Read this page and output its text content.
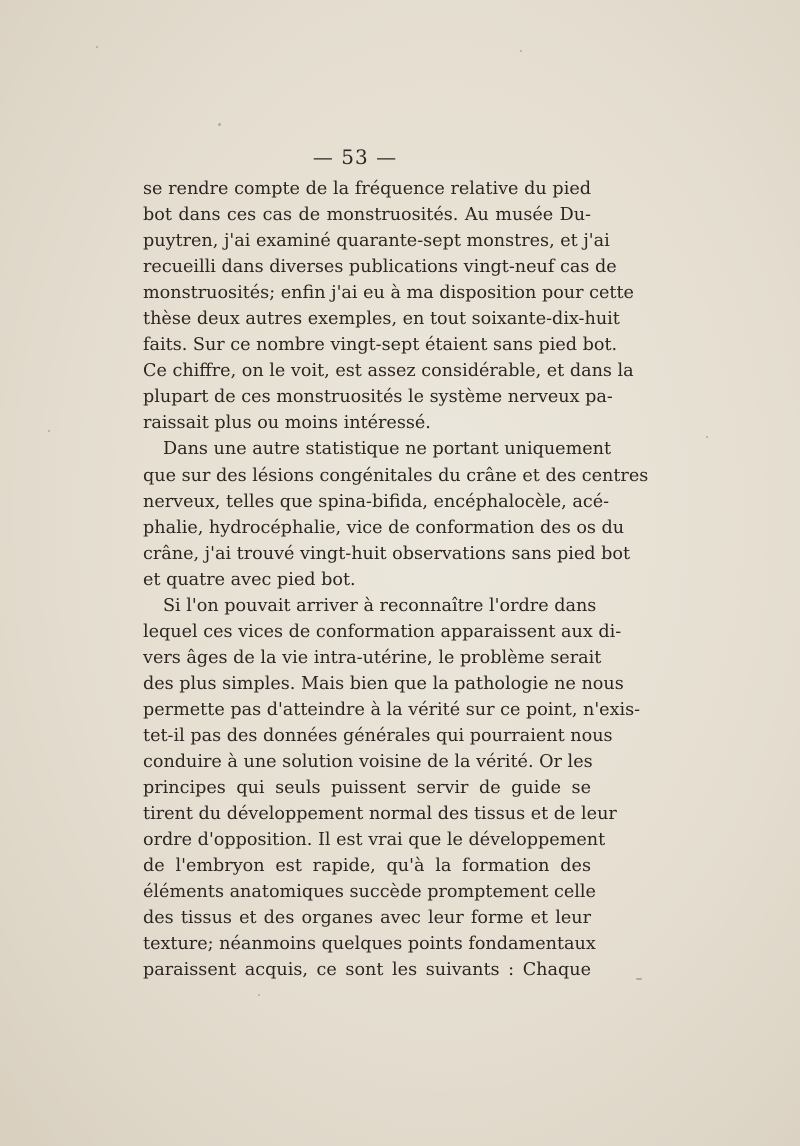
— 53 —
se rendre compte de la fréquence relative du pied
bot dans ces cas de monstruosités. Au musée Du-
puytren, j'ai examiné quarante-sept monstres, et j'ai
recueilli dans diverses publications vingt-neuf cas de
monstruosités; enfin j'ai eu à ma disposition pour cette
thèse deux autres exemples, en tout soixante-dix-huit
faits. Sur ce nombre vingt-sept étaient sans pied bot.
Ce chiffre, on le voit, est assez considérable, et dans la
plupart de ces monstruosités le système nerveux pa-
raissait plus ou moins intéressé.
Dans une autre statistique ne portant uniquement
que sur des lésions congénitales du crâne et des centres
nerveux, telles que spina-bifida, encéphalocèle, acé-
phalie, hydrocéphalie, vice de conformation des os du
crâne, j'ai trouvé vingt-huit observations sans pied bot
et quatre avec pied bot.
Si l'on pouvait arriver à reconnaître l'ordre dans
lequel ces vices de conformation apparaissent aux di-
vers âges de la vie intra-utérine, le problème serait
des plus simples. Mais bien que la pathologie ne nous
permette pas d'atteindre à la vérité sur ce point, n'exis-
tet-il pas des données générales qui pourraient nous
conduire à une solution voisine de la vérité. Or les
principes qui seuls puissent servir de guide se
tirent du développement normal des tissus et de leur
ordre d'opposition. Il est vrai que le développement
de l'embryon est rapide, qu'à la formation des
éléments anatomiques succède promptement celle
des tissus et des organes avec leur forme et leur
texture; néanmoins quelques points fondamentaux
paraissent acquis, ce sont les suivants : Chaque
